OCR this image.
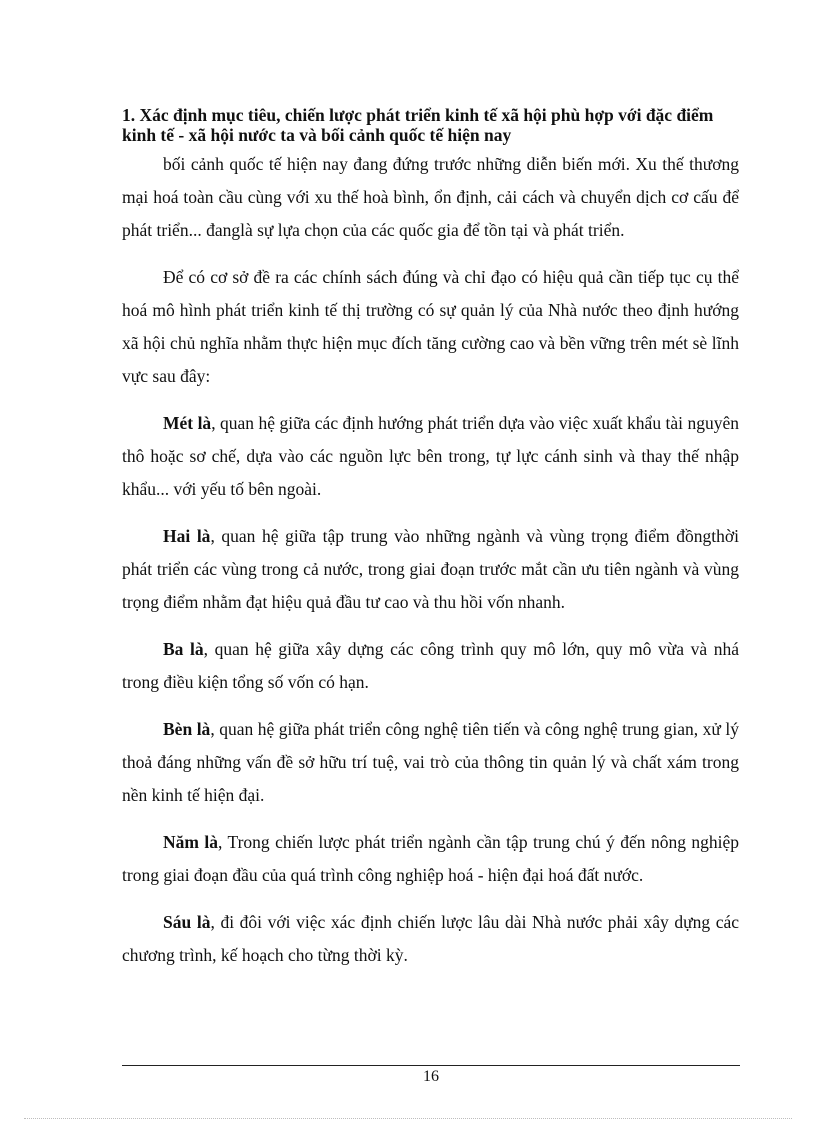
1. Xác định mục tiêu, chiến lược phát triển kinh tế xã hội phù hợp với đặc điểm kinh tế - xã hội nước ta và bối cảnh quốc tế hiện nay

bối cảnh quốc tế hiện nay đang đứng trước những diễn biến mới. Xu thế thương mại hoá toàn cầu cùng với xu thế hoà bình, ổn định, cải cách và chuyển dịch cơ cấu để phát triển... đanglà sự lựa chọn của các quốc gia để tồn tại và phát triển.

Để có cơ sở đề ra các chính sách đúng và chỉ đạo có hiệu quả cần tiếp tục cụ thể hoá mô hình phát triển kinh tế thị trường có sự quản lý của Nhà nước theo định hướng xã hội chủ nghĩa nhằm thực hiện mục đích tăng cường cao và bền vững trên mét sè lĩnh vực sau đây:

Mét là, quan hệ giữa các định hướng phát triển dựa vào việc xuất khẩu tài nguyên thô hoặc sơ chế, dựa vào các nguồn lực bên trong, tự lực cánh sinh và thay thế nhập khẩu... với yếu tố bên ngoài.

Hai là, quan hệ giữa tập trung vào những ngành và vùng trọng điểm đồngthời phát triển các vùng trong cả nước, trong giai đoạn trước mắt cần ưu tiên ngành và vùng trọng điểm nhằm đạt hiệu quả đầu tư cao và thu hồi vốn nhanh.

Ba là, quan hệ giữa xây dựng các công trình quy mô lớn, quy mô vừa và nhá trong điều kiện tổng số vốn có hạn.

Bèn là, quan hệ giữa phát triển công nghệ tiên tiến và công nghệ trung gian, xử lý thoả đáng những vấn đề sở hữu trí tuệ, vai trò của thông tin quản lý và chất xám trong nền kinh tế hiện đại.

Năm là, Trong chiến lược phát triển ngành cần tập trung chú ý đến nông nghiệp trong giai đoạn đầu của quá trình công nghiệp hoá - hiện đại hoá đất nước.

Sáu là, đi đôi với việc xác định chiến lược lâu dài Nhà nước phải xây dựng các chương trình, kế hoạch cho từng thời kỳ.

16
